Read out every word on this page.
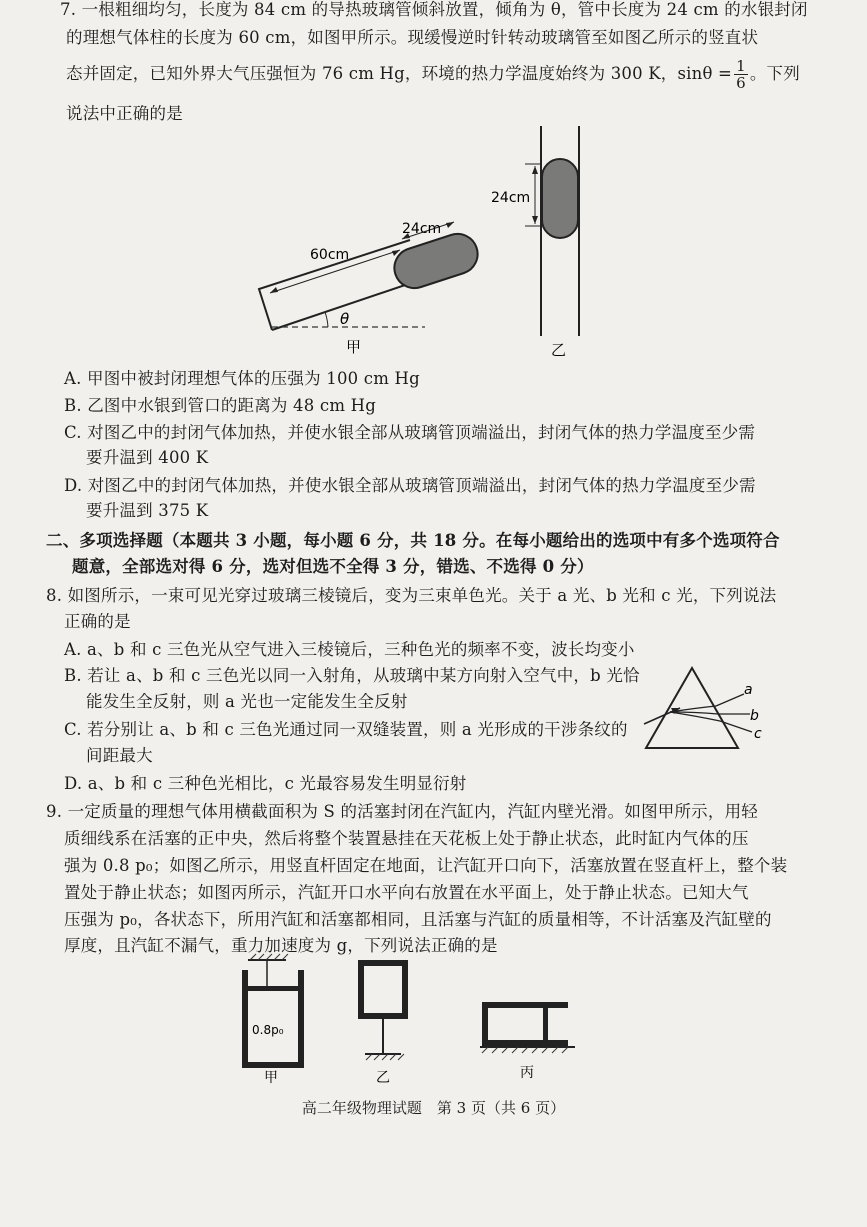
7. 一根粗细均匀，长度为 84 cm 的导热玻璃管倾斜放置，倾角为 θ，管中长度为 24 cm 的水银封闭
的理想气体柱的长度为 60 cm，如图甲所示。现缓慢逆时针转动玻璃管至如图乙所示的竖直状
态并固定，已知外界大气压强恒为 76 cm Hg，环境的热力学温度始终为 300 K，$\sin\theta = \frac{1}{6}$ 。下列
说法中正确的是
60cm
24cm
θ
甲
24cm
乙
A. 甲图中被封闭理想气体的压强为 100 cm Hg
B. 乙图中水银到管口的距离为 48 cm Hg
C. 对图乙中的封闭气体加热，并使水银全部从玻璃管顶端溢出，封闭气体的热力学温度至少需
要升温到 400 K
D. 对图乙中的封闭气体加热，并使水银全部从玻璃管顶端溢出，封闭气体的热力学温度至少需
要升温到 375 K
二、多项选择题（本题共 3 小题，每小题 6 分，共 18 分。在每小题给出的选项中有多个选项符合
题意，全部选对得 6 分，选对但选不全得 3 分，错选、不选得 0 分）
8. 如图所示，一束可见光穿过玻璃三棱镜后，变为三束单色光。关于 a 光、b 光和 c 光，下列说法
正确的是
A. a、b 和 c 三色光从空气进入三棱镜后，三种色光的频率不变，波长均变小
B. 若让 a、b 和 c 三色光以同一入射角，从玻璃中某方向射入空气中，b 光恰
能发生全反射，则 a 光也一定能发生全反射
C. 若分别让 a、b 和 c 三色光通过同一双缝装置，则 a 光形成的干涉条纹的
间距最大
D. a、b 和 c 三种色光相比，c 光最容易发生明显衍射
a
b
c
9. 一定质量的理想气体用横截面积为 S 的活塞封闭在汽缸内，汽缸内壁光滑。如图甲所示，用轻
质细线系在活塞的正中央，然后将整个装置悬挂在天花板上处于静止状态，此时缸内气体的压
强为 0.8 p₀；如图乙所示，用竖直杆固定在地面，让汽缸开口向下，活塞放置在竖直杆上，整个装
置处于静止状态；如图丙所示，汽缸开口水平向右放置在水平面上，处于静止状态。已知大气
压强为 p₀，各状态下，所用汽缸和活塞都相同，且活塞与汽缸的质量相等，不计活塞及汽缸壁的
厚度，且汽缸不漏气，重力加速度为 g，下列说法正确的是
0.8p₀
甲	乙	丙
高二年级物理试题　第 3 页（共 6 页）
